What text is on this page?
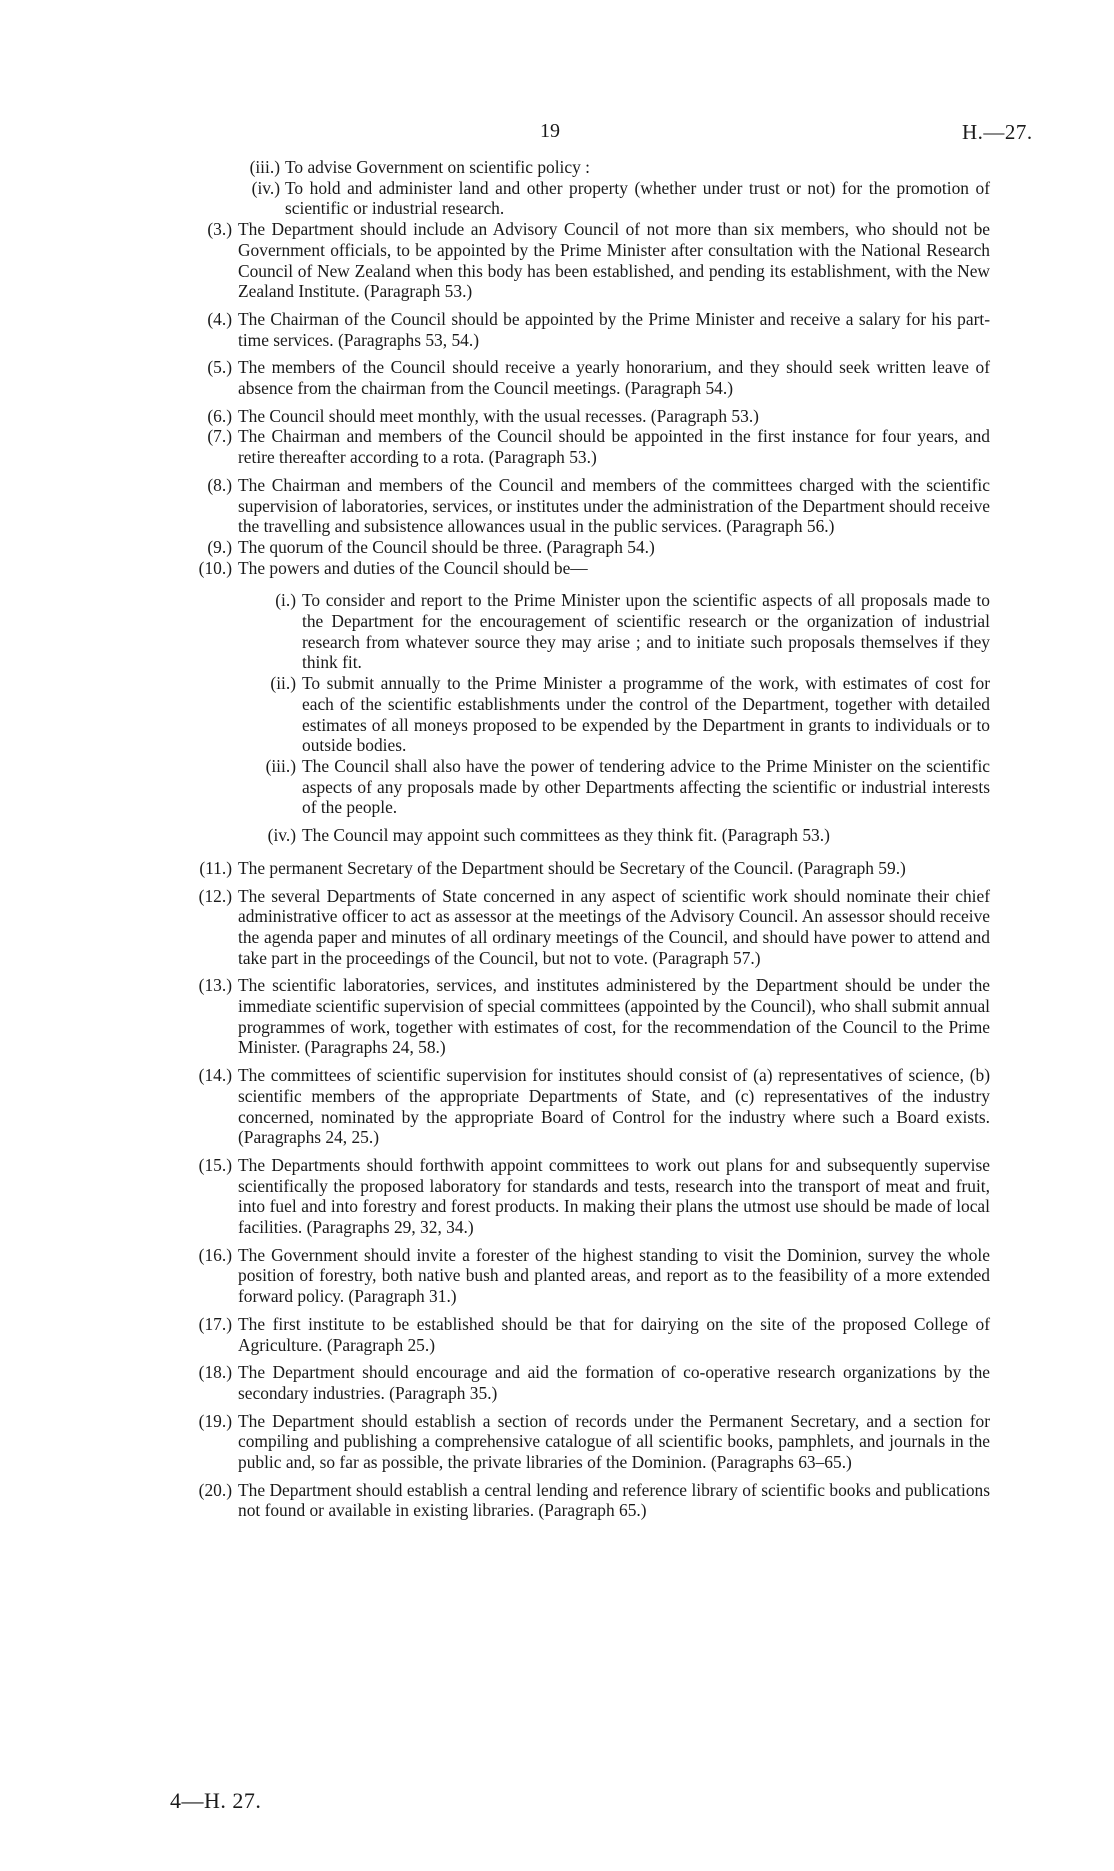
19	H.—27.
(iii.) To advise Government on scientific policy :
(iv.) To hold and administer land and other property (whether under trust or not) for the promotion of scientific or industrial research.
(3.) The Department should include an Advisory Council of not more than six members, who should not be Government officials, to be appointed by the Prime Minister after consultation with the National Research Council of New Zealand when this body has been established, and pending its establishment, with the New Zealand Institute. (Paragraph 53.)
(4.) The Chairman of the Council should be appointed by the Prime Minister and receive a salary for his part-time services. (Paragraphs 53, 54.)
(5.) The members of the Council should receive a yearly honorarium, and they should seek written leave of absence from the chairman from the Council meetings. (Paragraph 54.)
(6.) The Council should meet monthly, with the usual recesses. (Paragraph 53.)
(7.) The Chairman and members of the Council should be appointed in the first instance for four years, and retire thereafter according to a rota. (Paragraph 53.)
(8.) The Chairman and members of the Council and members of the committees charged with the scientific supervision of laboratories, services, or institutes under the administration of the Department should receive the travelling and subsistence allowances usual in the public services. (Paragraph 56.)
(9.) The quorum of the Council should be three. (Paragraph 54.)
(10.) The powers and duties of the Council should be—
(i.) To consider and report to the Prime Minister upon the scientific aspects of all proposals made to the Department for the encouragement of scientific research or the organization of industrial research from whatever source they may arise ; and to initiate such proposals themselves if they think fit.
(ii.) To submit annually to the Prime Minister a programme of the work, with estimates of cost for each of the scientific establishments under the control of the Department, together with detailed estimates of all moneys proposed to be expended by the Department in grants to individuals or to outside bodies.
(iii.) The Council shall also have the power of tendering advice to the Prime Minister on the scientific aspects of any proposals made by other Departments affecting the scientific or industrial interests of the people.
(iv.) The Council may appoint such committees as they think fit. (Paragraph 53.)
(11.) The permanent Secretary of the Department should be Secretary of the Council. (Paragraph 59.)
(12.) The several Departments of State concerned in any aspect of scientific work should nominate their chief administrative officer to act as assessor at the meetings of the Advisory Council. An assessor should receive the agenda paper and minutes of all ordinary meetings of the Council, and should have power to attend and take part in the proceedings of the Council, but not to vote. (Paragraph 57.)
(13.) The scientific laboratories, services, and institutes administered by the Department should be under the immediate scientific supervision of special committees (appointed by the Council), who shall submit annual programmes of work, together with estimates of cost, for the recommendation of the Council to the Prime Minister. (Paragraphs 24, 58.)
(14.) The committees of scientific supervision for institutes should consist of (a) representatives of science, (b) scientific members of the appropriate Departments of State, and (c) representatives of the industry concerned, nominated by the appropriate Board of Control for the industry where such a Board exists. (Paragraphs 24, 25.)
(15.) The Departments should forthwith appoint committees to work out plans for and subsequently supervise scientifically the proposed laboratory for standards and tests, research into the transport of meat and fruit, into fuel and into forestry and forest products. In making their plans the utmost use should be made of local facilities. (Paragraphs 29, 32, 34.)
(16.) The Government should invite a forester of the highest standing to visit the Dominion, survey the whole position of forestry, both native bush and planted areas, and report as to the feasibility of a more extended forward policy. (Paragraph 31.)
(17.) The first institute to be established should be that for dairying on the site of the proposed College of Agriculture. (Paragraph 25.)
(18.) The Department should encourage and aid the formation of co-operative research organizations by the secondary industries. (Paragraph 35.)
(19.) The Department should establish a section of records under the Permanent Secretary, and a section for compiling and publishing a comprehensive catalogue of all scientific books, pamphlets, and journals in the public and, so far as possible, the private libraries of the Dominion. (Paragraphs 63–65.)
(20.) The Department should establish a central lending and reference library of scientific books and publications not found or available in existing libraries. (Paragraph 65.)
4—H. 27.
